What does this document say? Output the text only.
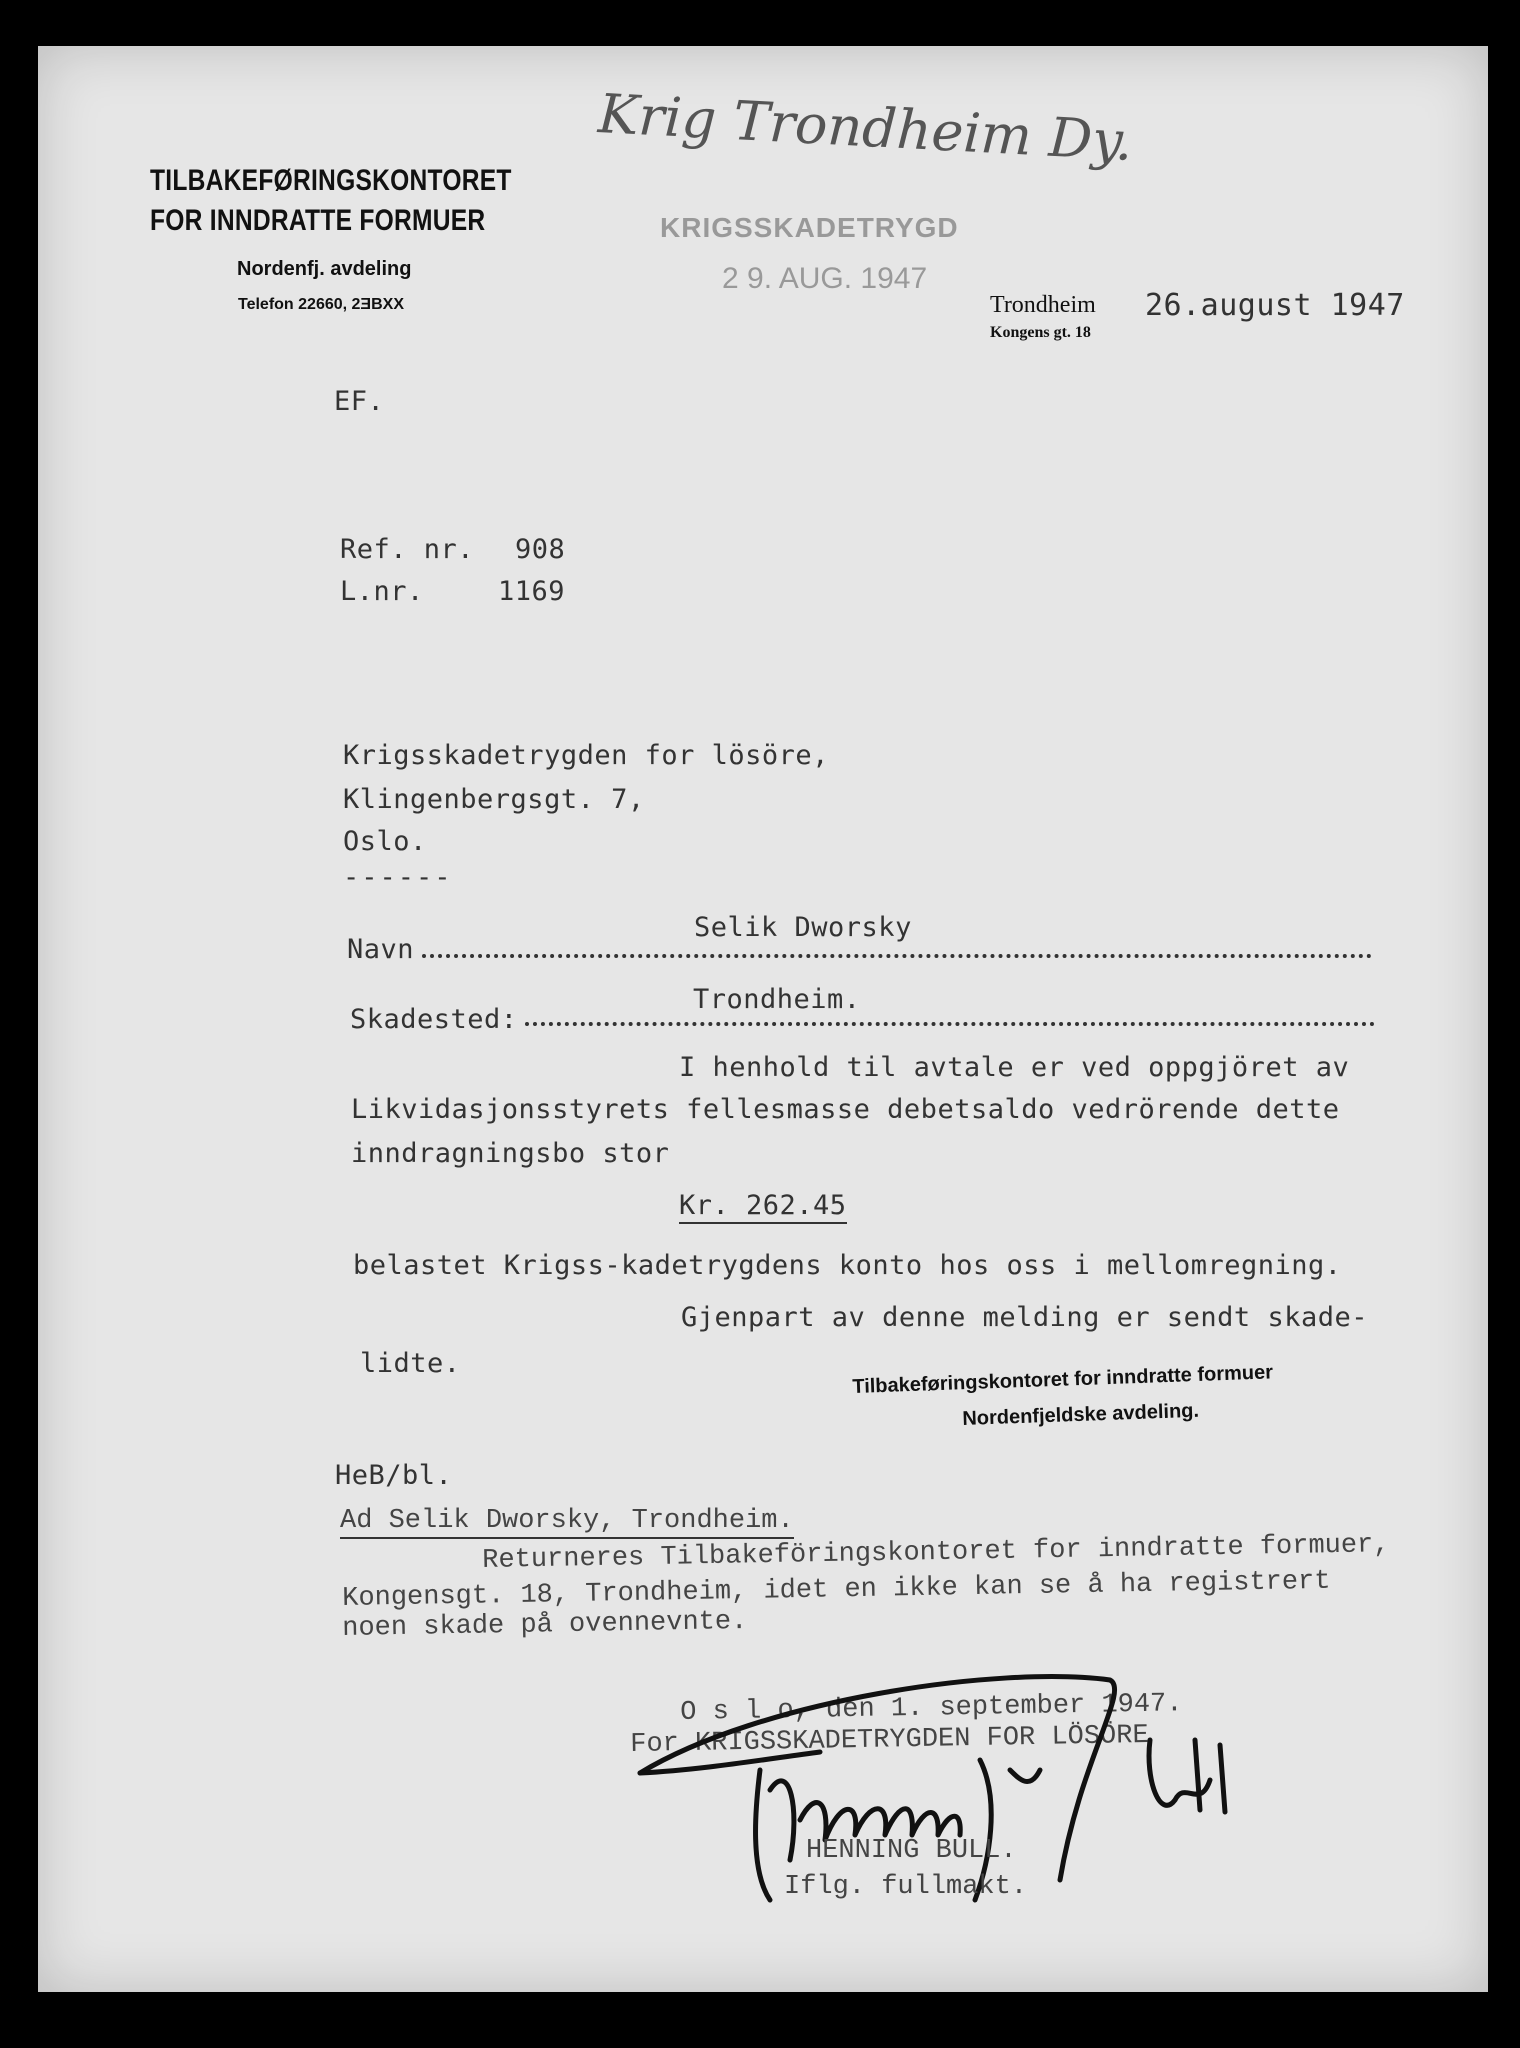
TILBAKEFØRINGSKONTORET
FOR INNDRATTE FORMUER
Nordenfj. avdeling
Telefon 22660, 2ƎBXX
Krig Trondheim Dy.
KRIGSSKADETRYGD
2 9. AUG. 1947
Trondheim
Kongens gt. 18
26.august 1947
EF.
Ref. nr. 908
L.nr.	1169
Krigsskadetrygden for lösöre,
Klingenbergsgt. 7,
Oslo.
------
Navn
Selik Dworsky
Skadested:
Trondheim.
I henhold til avtale er ved oppgjöret av
Likvidasjonsstyrets fellesmasse debetsaldo vedrörende dette
inndragningsbo stor
Kr. 262.45
belastet Krigss-kadetrygdens konto hos oss i mellomregning.
Gjenpart av denne melding er sendt skade-
lidte.	Tilbakeføringskontoret for inndratte formuer
Nordenfjeldske avdeling.
HeB/bl.
Ad Selik Dworsky, Trondheim.
Returneres Tilbakeföringskontoret for inndratte formuer,
Kongensgt. 18, Trondheim, idet en ikke kan se å ha registrert
noen skade på ovennevnte.
O s l o, den 1. september 1947.
For KRIGSSKADETRYGDEN FOR LÖSÖRE
HENNING BULL.
Iflg. fullmakt.
